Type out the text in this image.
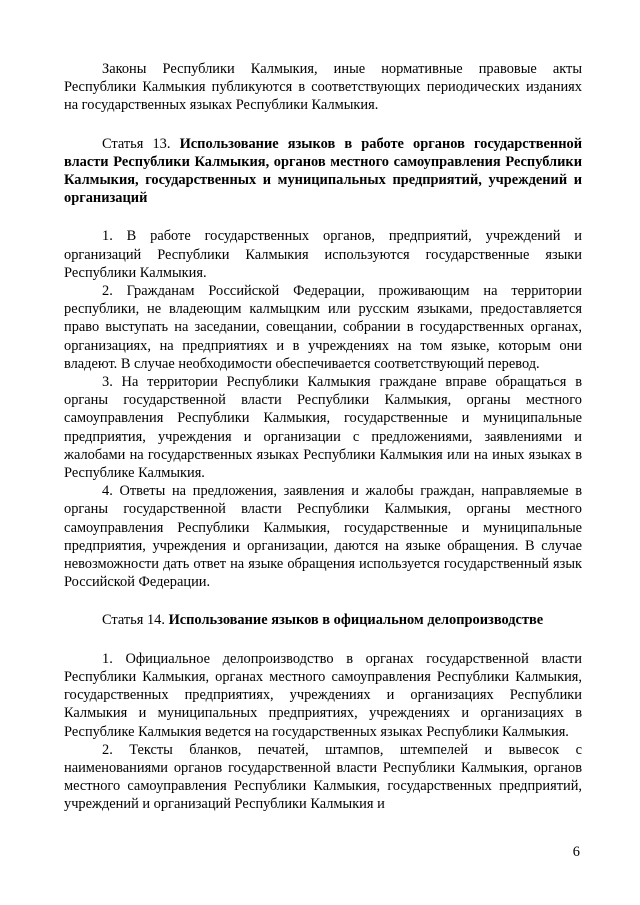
Законы Республики Калмыкия, иные нормативные правовые акты Республики Калмыкия публикуются в соответствующих периодических изданиях на государственных языках Республики Калмыкия.

Статья 13. Использование языков в работе органов государственной власти Республики Калмыкия, органов местного самоуправления Республики Калмыкия, государственных и муниципальных предприятий, учреждений и организаций

1. В работе государственных органов, предприятий, учреждений и организаций Республики Калмыкия используются государственные языки Республики Калмыкия.

2. Гражданам Российской Федерации, проживающим на территории республики, не владеющим калмыцким или русским языками, предоставляется право выступать на заседании, совещании, собрании в государственных органах, организациях, на предприятиях и в учреждениях на том языке, которым они владеют. В случае необходимости обеспечивается соответствующий перевод.

3. На территории Республики Калмыкия граждане вправе обращаться в органы государственной власти Республики Калмыкия, органы местного самоуправления Республики Калмыкия, государственные и муниципальные предприятия, учреждения и организации с предложениями, заявлениями и жалобами на государственных языках Республики Калмыкия или на иных языках в Республике Калмыкия.

4. Ответы на предложения, заявления и жалобы граждан, направляемые в органы государственной власти Республики Калмыкия, органы местного самоуправления Республики Калмыкия, государственные и муниципальные предприятия, учреждения и организации, даются на языке обращения. В случае невозможности дать ответ на языке обращения используется государственный язык Российской Федерации.

Статья 14. Использование языков в официальном делопроизводстве

1. Официальное делопроизводство в органах государственной власти Республики Калмыкия, органах местного самоуправления Республики Калмыкия, государственных предприятиях, учреждениях и организациях Республики Калмыкия и муниципальных предприятиях, учреждениях и организациях в Республике Калмыкия ведется на государственных языках Республики Калмыкия.

2. Тексты бланков, печатей, штампов, штемпелей и вывесок с наименованиями органов государственной власти Республики Калмыкия, органов местного самоуправления Республики Калмыкия, государственных предприятий, учреждений и организаций Республики Калмыкия и

6
